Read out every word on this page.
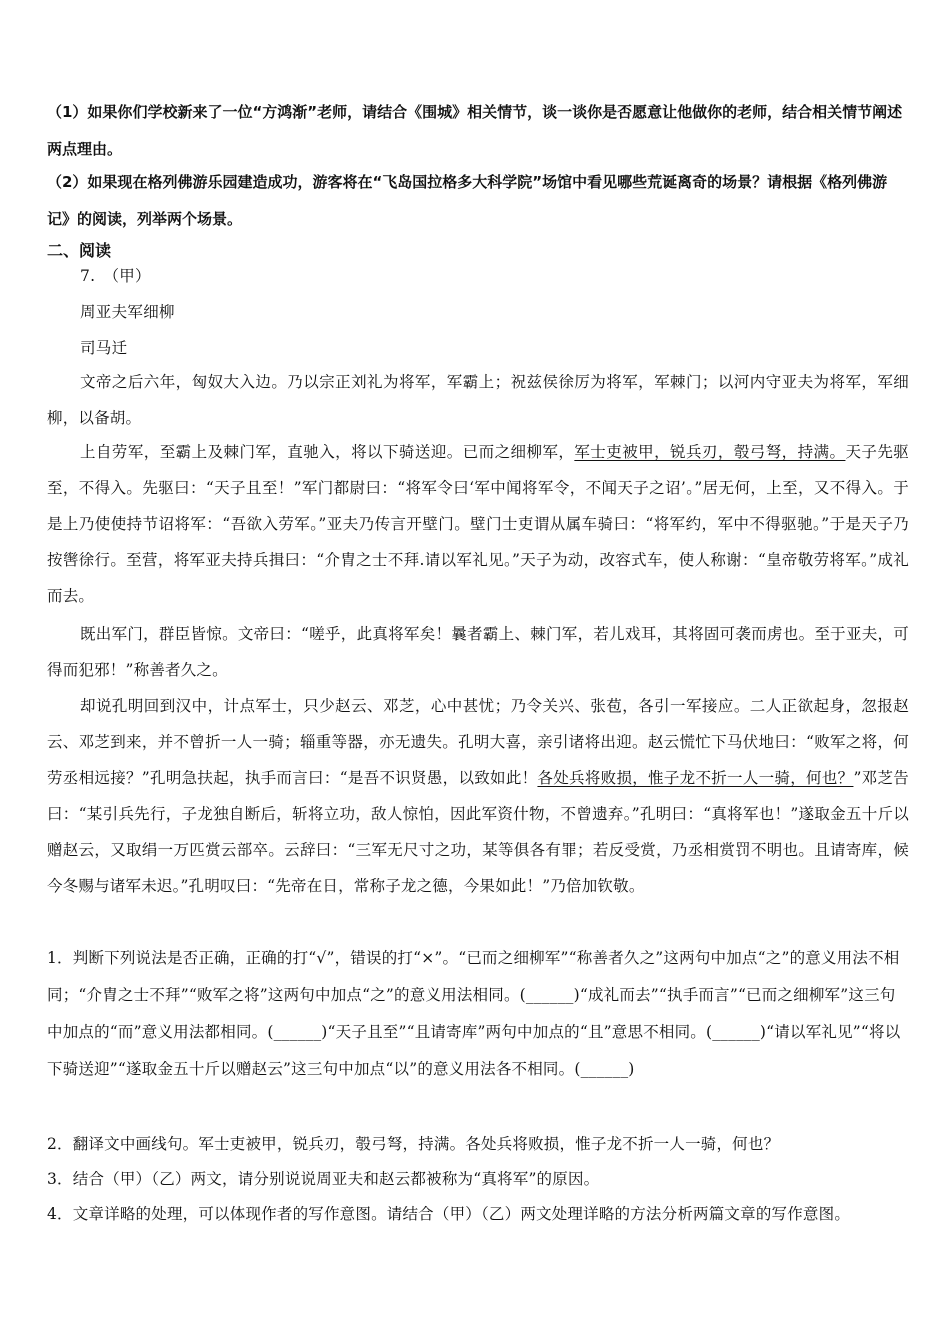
（1）如果你们学校新来了一位“方鸿渐”老师，请结合《围城》相关情节，谈一谈你是否愿意让他做你的老师，结合相关情节阐述两点理由。
（2）如果现在格列佛游乐园建造成功，游客将在“飞岛国拉格多大科学院”场馆中看见哪些荒诞离奇的场景？请根据《格列佛游记》的阅读，列举两个场景。
二、阅读
7.　（甲）
周亚夫军细柳
司马迁
文帝之后六年，匈奴大入边。乃以宗正刘礼为将军，军霸上；祝兹侯徐厉为将军，军棘门；以河内守亚夫为将军，军细柳，以备胡。
上自劳军，至霸上及棘门军，直驰入，将以下骑送迎。已而之细柳军，军士吏被甲，锐兵刃，彀弓弩，持满。天子先驱至，不得入。先驱曰：“天子且至！”军门都尉曰：“将军令曰‘军中闻将军令，不闻天子之诏’。”居无何，上至，又不得入。于是上乃使使持节诏将军：“吾欲入劳军。”亚夫乃传言开壁门。壁门士吏谓从属车骑曰：“将军约，军中不得驱驰。”于是天子乃按辔徐行。至营，将军亚夫持兵揖曰：“介胄之士不拜.请以军礼见。”天子为动，改容式车，使人称谢：“皇帝敬劳将军。”成礼而去。
既出军门，群臣皆惊。文帝曰：“嗟乎，此真将军矣！曩者霸上、棘门军，若儿戏耳，其将固可袭而虏也。至于亚夫，可得而犯邪！”称善者久之。
却说孔明回到汉中，计点军士，只少赵云、邓芝，心中甚忧；乃令关兴、张苞，各引一军接应。二人正欲起身，忽报赵云、邓芝到来，并不曾折一人一骑；辎重等器，亦无遗失。孔明大喜，亲引诸将出迎。赵云慌忙下马伏地曰：“败军之将，何劳丞相远接？”孔明急扶起，执手而言曰：“是吾不识贤愚，以致如此！各处兵将败损，惟子龙不折一人一骑，何也？”邓芝告曰：“某引兵先行，子龙独自断后，斩将立功，敌人惊怕，因此军资什物，不曾遗弃。”孔明曰：“真将军也！”遂取金五十斤以赠赵云，又取绢一万匹赏云部卒。云辞曰：“三军无尺寸之功，某等俱各有罪；若反受赏，乃丞相赏罚不明也。且请寄库，候今冬赐与诸军未迟。”孔明叹曰：“先帝在日，常称子龙之德，今果如此！”乃倍加钦敬。
1．判断下列说法是否正确，正确的打“√”，错误的打“×”。“已而之细柳军”“称善者久之”这两句中加点“之”的意义用法不相同；“介胄之士不拜”“败军之将”这两句中加点“之”的意义用法相同。(______)“成礼而去”“执手而言”“已而之细柳军”这三句中加点的“而”意义用法都相同。(______)“天子且至”“且请寄库”两句中加点的“且”意思不相同。(______)“请以军礼见”“将以下骑送迎”“遂取金五十斤以赠赵云”这三句中加点“以”的意义用法各不相同。(______)
2．翻译文中画线句。军士吏被甲，锐兵刃，彀弓弩，持满。各处兵将败损，惟子龙不折一人一骑，何也？
3．结合（甲）（乙）两文，请分别说说周亚夫和赵云都被称为“真将军”的原因。
4．文章详略的处理，可以体现作者的写作意图。请结合（甲）（乙）两文处理详略的方法分析两篇文章的写作意图。
